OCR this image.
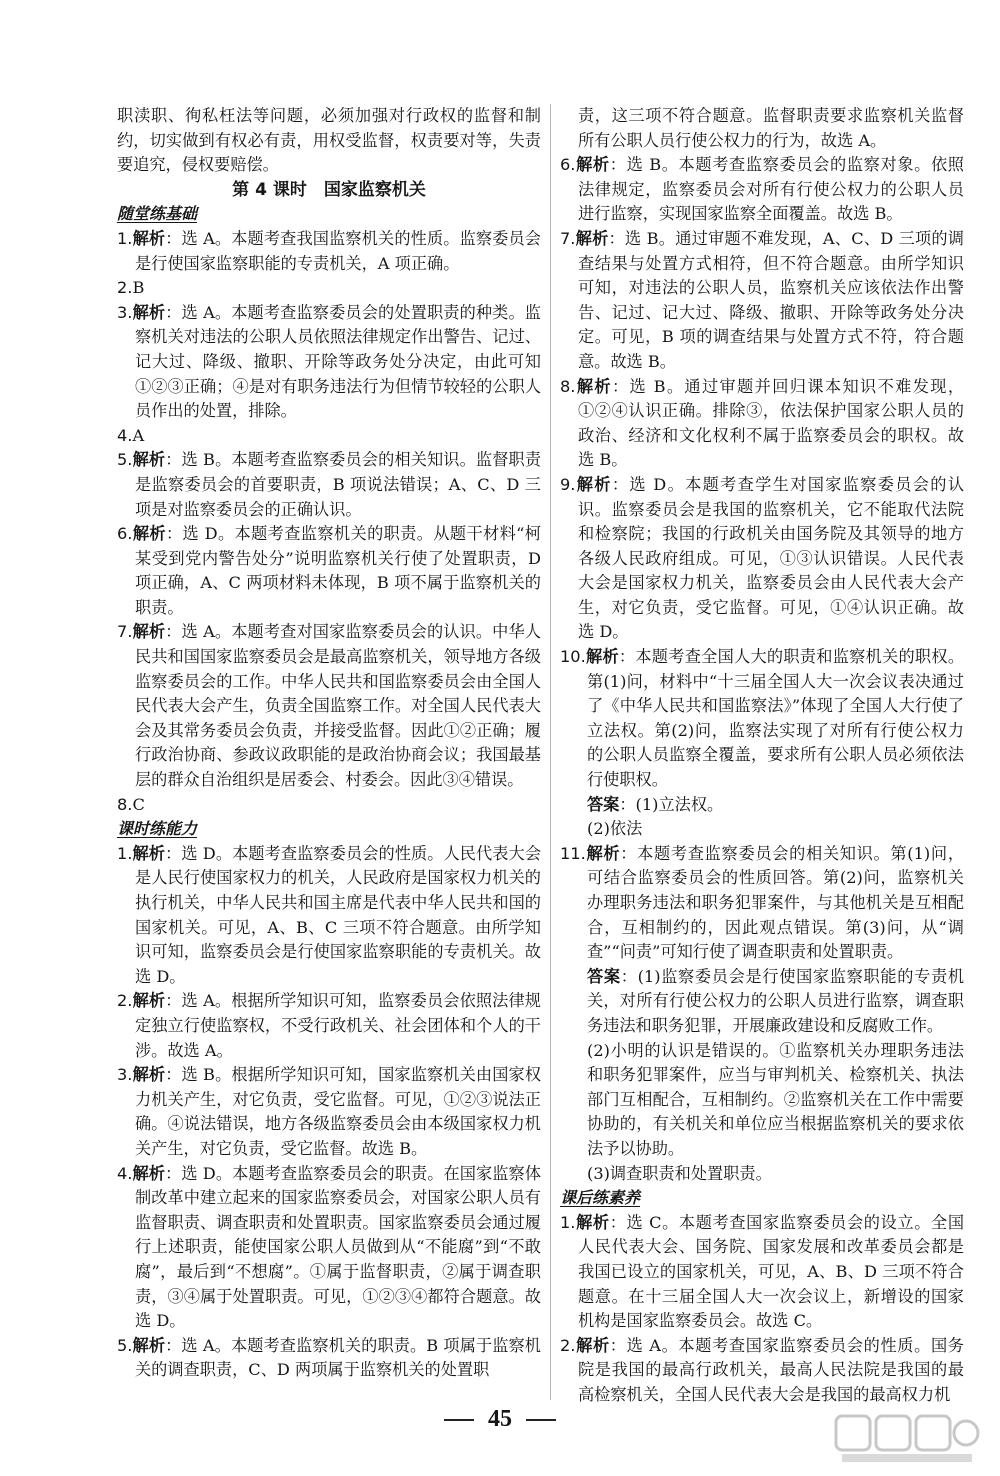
职渎职、徇私枉法等问题，必须加强对行政权的监督和制约，切实做到有权必有责，用权受监督，权责要对等，失责要追究，侵权要赔偿。

第 4 课时　国家监察机关

随堂练基础

1.解析：选 A。本题考查我国监察机关的性质。监察委员会是行使国家监察职能的专责机关，A 项正确。

2.B

3.解析：选 A。本题考查监察委员会的处置职责的种类。监察机关对违法的公职人员依照法律规定作出警告、记过、记大过、降级、撤职、开除等政务处分决定，由此可知①②③正确；④是对有职务违法行为但情节较轻的公职人员作出的处置，排除。

4.A

5.解析：选 B。本题考查监察委员会的相关知识。监督职责是监察委员会的首要职责，B 项说法错误；A、C、D 三项是对监察委员会的正确认识。

6.解析：选 D。本题考查监察机关的职责。从题干材料“柯某受到党内警告处分”说明监察机关行使了处置职责，D 项正确，A、C 两项材料未体现，B 项不属于监察机关的职责。

7.解析：选 A。本题考查对国家监察委员会的认识。中华人民共和国国家监察委员会是最高监察机关，领导地方各级监察委员会的工作。中华人民共和国监察委员会由全国人民代表大会产生，负责全国监察工作。对全国人民代表大会及其常务委员会负责，并接受监督。因此①②正确；履行政治协商、参政议政职能的是政治协商会议；我国最基层的群众自治组织是居委会、村委会。因此③④错误。

8.C

课时练能力

1.解析：选 D。本题考查监察委员会的性质。人民代表大会是人民行使国家权力的机关，人民政府是国家权力机关的执行机关，中华人民共和国主席是代表中华人民共和国的国家机关。可见，A、B、C 三项不符合题意。由所学知识可知，监察委员会是行使国家监察职能的专责机关。故选 D。

2.解析：选 A。根据所学知识可知，监察委员会依照法律规定独立行使监察权，不受行政机关、社会团体和个人的干涉。故选 A。

3.解析：选 B。根据所学知识可知，国家监察机关由国家权力机关产生，对它负责，受它监督。可见，①②③说法正确。④说法错误，地方各级监察委员会由本级国家权力机关产生，对它负责，受它监督。故选 B。

4.解析：选 D。本题考查监察委员会的职责。在国家监察体制改革中建立起来的国家监察委员会，对国家公职人员有监督职责、调查职责和处置职责。国家监察委员会通过履行上述职责，能使国家公职人员做到从“不能腐”到“不敢腐”，最后到“不想腐”。①属于监督职责，②属于调查职责，③④属于处置职责。可见，①②③④都符合题意。故选 D。

5.解析：选 A。本题考查监察机关的职责。B 项属于监察机关的调查职责，C、D 两项属于监察机关的处置职

责，这三项不符合题意。监督职责要求监察机关监督所有公职人员行使公权力的行为，故选 A。

6.解析：选 B。本题考查监察委员会的监察对象。依照法律规定，监察委员会对所有行使公权力的公职人员进行监察，实现国家监察全面覆盖。故选 B。

7.解析：选 B。通过审题不难发现，A、C、D 三项的调查结果与处置方式相符，但不符合题意。由所学知识可知，对违法的公职人员，监察机关应该依法作出警告、记过、记大过、降级、撤职、开除等政务处分决定。可见，B 项的调查结果与处置方式不符，符合题意。故选 B。

8.解析：选 B。通过审题并回归课本知识不难发现，①②④认识正确。排除③，依法保护国家公职人员的政治、经济和文化权利不属于监察委员会的职权。故选 B。

9.解析：选 D。本题考查学生对国家监察委员会的认识。监察委员会是我国的监察机关，它不能取代法院和检察院；我国的行政机关由国务院及其领导的地方各级人民政府组成。可见，①③认识错误。人民代表大会是国家权力机关，监察委员会由人民代表大会产生，对它负责，受它监督。可见，①④认识正确。故选 D。

10.解析：本题考查全国人大的职责和监察机关的职权。第(1)问，材料中“十三届全国人大一次会议表决通过了《中华人民共和国监察法》”体现了全国人大行使了立法权。第(2)问，监察法实现了对所有行使公权力的公职人员监察全覆盖，要求所有公职人员必须依法行使职权。

答案：(1)立法权。

(2)依法

11.解析：本题考查监察委员会的相关知识。第(1)问，可结合监察委员会的性质回答。第(2)问，监察机关办理职务违法和职务犯罪案件，与其他机关是互相配合，互相制约的，因此观点错误。第(3)问，从“调查”“问责”可知行使了调查职责和处置职责。

答案：(1)监察委员会是行使国家监察职能的专责机关，对所有行使公权力的公职人员进行监察，调查职务违法和职务犯罪，开展廉政建设和反腐败工作。

(2)小明的认识是错误的。①监察机关办理职务违法和职务犯罪案件，应当与审判机关、检察机关、执法部门互相配合，互相制约。②监察机关在工作中需要协助的，有关机关和单位应当根据监察机关的要求依法予以协助。

(3)调查职责和处置职责。

课后练素养

1.解析：选 C。本题考查国家监察委员会的设立。全国人民代表大会、国务院、国家发展和改革委员会都是我国已设立的国家机关，可见，A、B、D 三项不符合题意。在十三届全国人大一次会议上，新增设的国家机构是国家监察委员会。故选 C。

2.解析：选 A。本题考查国家监察委员会的性质。国务院是我国的最高行政机关，最高人民法院是我国的最高检察机关，全国人民代表大会是我国的最高权力机

45
